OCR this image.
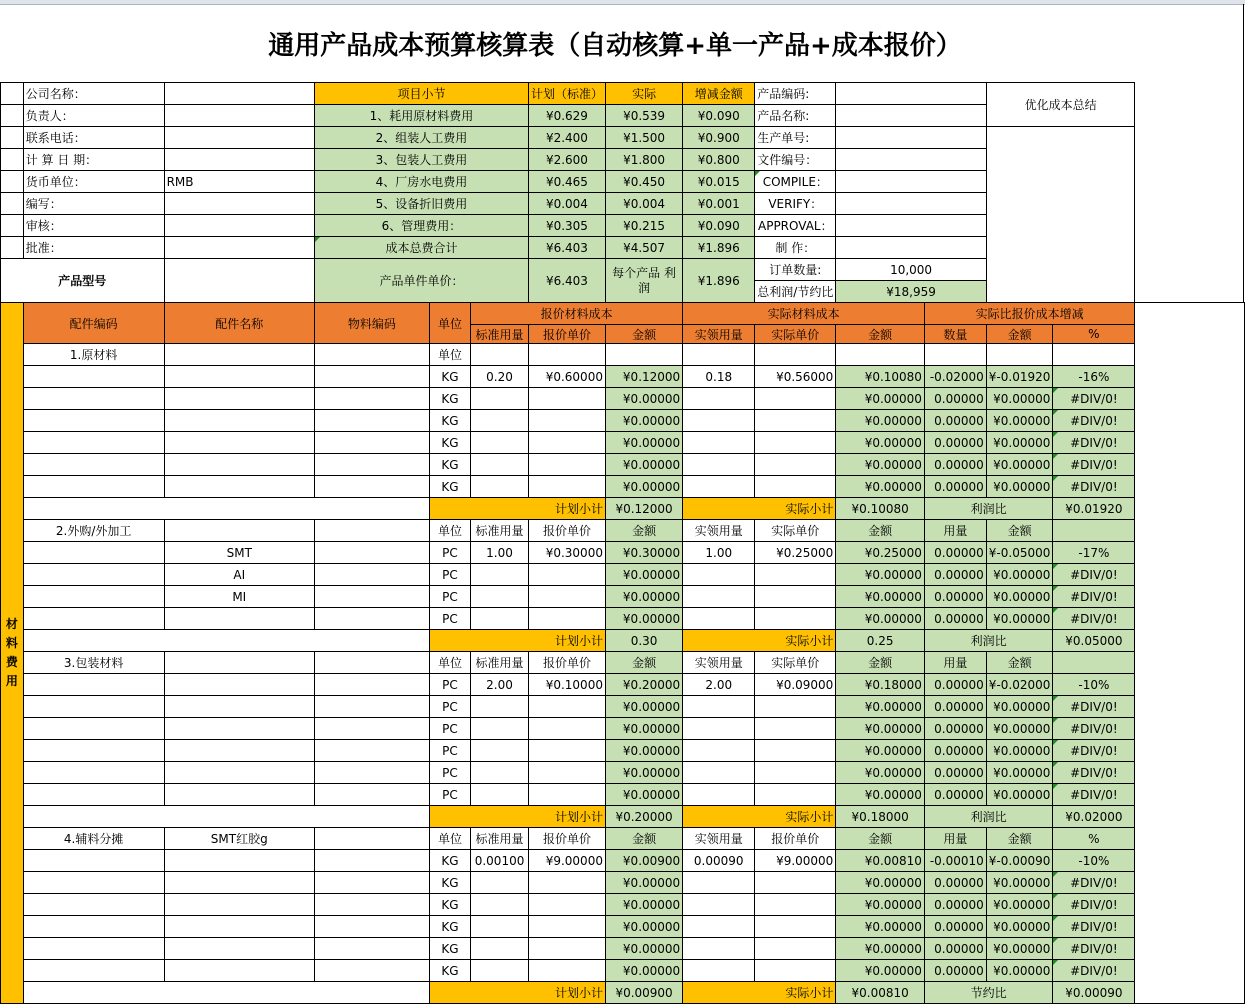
通用产品成本预算核算表（自动核算+单一产品+成本报价）
	公司名称：		项目小节			计划（标准）	实际	增减金额	产品编码:			优化成本总结		
	负责人：		1、耗用原材料费用			¥0.629	¥0.539	¥0.090	产品名称:					
	联系电话：		2、组装人工费用			¥2.400	¥1.500	¥0.900	生产单号:					
	计 算 日 期：		3、包装人工费用			¥2.600	¥1.800	¥0.800	文件编号：					
	货币单位：	RMB	4、厂房水电费用			¥0.465	¥0.450	¥0.015	COMPILE：					
	编写：		5、设备折旧费用			¥0.004	¥0.004	¥0.001	VERIFY：					
	审核：		6、管理费用：			¥0.305	¥0.215	¥0.090	APPROVAL：					
	批准：		成本总费合计			¥6.403	¥4.507	¥1.896	制 作：					
产品型号			产品单件单价：			¥6.403	每个产品 利润	¥1.896	订单数量:	10,000				
									总利润/节约比	¥18,959				
材
料
费
用	配件编码	配件名称	物料编码	单位	报价材料成本			实际材料成本			实际比报价成本增减			
					标准用量	报价单价	金额	实领用量	实际单价	金额	数量	金额	%	
	1.原材料			单位										
				KG	0.20	¥0.60000	¥0.12000	0.18	¥0.56000	¥0.10080	-0.02000	¥-0.01920	-16%	
				KG			¥0.00000			¥0.00000	0.00000	¥0.00000	#DIV/0!	
				KG			¥0.00000			¥0.00000	0.00000	¥0.00000	#DIV/0!	
				KG			¥0.00000			¥0.00000	0.00000	¥0.00000	#DIV/0!	
				KG			¥0.00000			¥0.00000	0.00000	¥0.00000	#DIV/0!	
				KG			¥0.00000			¥0.00000	0.00000	¥0.00000	#DIV/0!	
				计划小计			¥0.12000	实际小计		¥0.10080	利润比		¥0.01920	
	2.外购/外加工			单位	标准用量	报价单价	金额	实领用量	实际单价	金额	用量	金额		
		SMT		PC	1.00	¥0.30000	¥0.30000	1.00	¥0.25000	¥0.25000	0.00000	¥-0.05000	-17%	
		AI		PC			¥0.00000			¥0.00000	0.00000	¥0.00000	#DIV/0!	
		MI		PC			¥0.00000			¥0.00000	0.00000	¥0.00000	#DIV/0!	
				PC			¥0.00000			¥0.00000	0.00000	¥0.00000	#DIV/0!	
				计划小计			0.30	实际小计		0.25	利润比		¥0.05000	
	3.包装材料			单位	标准用量	报价单价	金额	实领用量	实际单价	金额	用量	金额		
				PC	2.00	¥0.10000	¥0.20000	2.00	¥0.09000	¥0.18000	0.00000	¥-0.02000	-10%	
				PC			¥0.00000			¥0.00000	0.00000	¥0.00000	#DIV/0!	
				PC			¥0.00000			¥0.00000	0.00000	¥0.00000	#DIV/0!	
				PC			¥0.00000			¥0.00000	0.00000	¥0.00000	#DIV/0!	
				PC			¥0.00000			¥0.00000	0.00000	¥0.00000	#DIV/0!	
				PC			¥0.00000			¥0.00000	0.00000	¥0.00000	#DIV/0!	
				计划小计			¥0.20000	实际小计		¥0.18000	利润比		¥0.02000	
	4.辅料分摊	SMT红胶g		单位	标准用量	报价单价	金额	实领用量	报价单价	金额	用量	金额	%	
				KG	0.00100	¥9.00000	¥0.00900	0.00090	¥9.00000	¥0.00810	-0.00010	¥-0.00090	-10%	
				KG			¥0.00000			¥0.00000	0.00000	¥0.00000	#DIV/0!	
				KG			¥0.00000			¥0.00000	0.00000	¥0.00000	#DIV/0!	
				KG			¥0.00000			¥0.00000	0.00000	¥0.00000	#DIV/0!	
				KG			¥0.00000			¥0.00000	0.00000	¥0.00000	#DIV/0!	
				KG			¥0.00000			¥0.00000	0.00000	¥0.00000	#DIV/0!	
				计划小计			¥0.00900	实际小计		¥0.00810	节约比		¥0.00090	
